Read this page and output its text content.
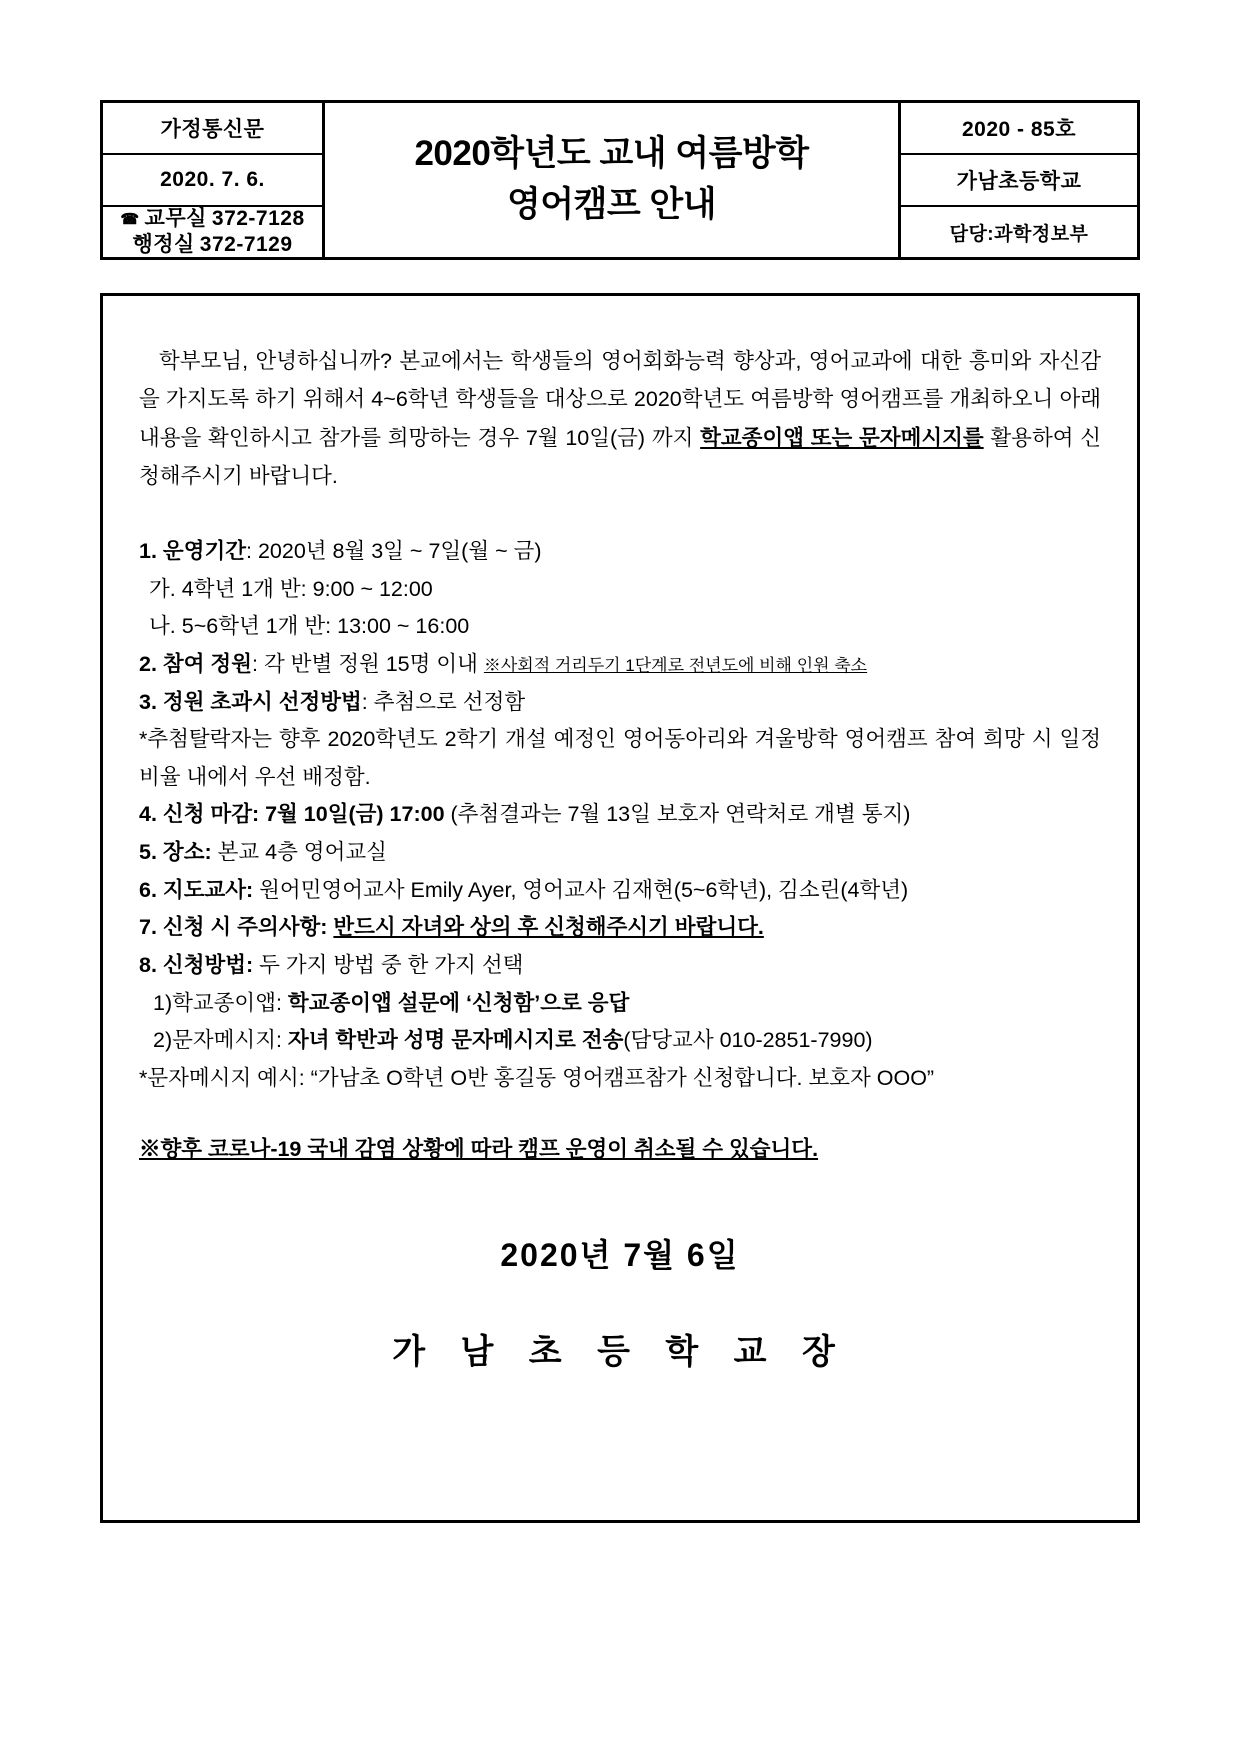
가정통신문
2020. 7. 6.
☎ 교무실 372-7128
행정실 372-7129
2020학년도 교내 여름방학
영어캠프 안내
2020 - 85호
가남초등학교
담당:과학정보부

학부모님, 안녕하십니까? 본교에서는 학생들의 영어회화능력 향상과, 영어교과에 대한 흥미와 자신감을 가지도록 하기 위해서 4~6학년 학생들을 대상으로 2020학년도 여름방학 영어캠프를 개최하오니 아래 내용을 확인하시고 참가를 희망하는 경우 7월 10일(금) 까지 학교종이앱 또는 문자메시지를 활용하여 신청해주시기 바랍니다.

1. 운영기간: 2020년 8월 3일 ~ 7일(월 ~ 금)
가. 4학년 1개 반: 9:00 ~ 12:00
나. 5~6학년 1개 반: 13:00 ~ 16:00
2. 참여 정원: 각 반별 정원 15명 이내 ※사회적 거리두기 1단계로 전년도에 비해 인원 축소
3. 정원 초과시 선정방법: 추첨으로 선정함
*추첨탈락자는 향후 2020학년도 2학기 개설 예정인 영어동아리와 겨울방학 영어캠프 참여 희망 시 일정 비율 내에서 우선 배정함.
4. 신청 마감: 7월 10일(금) 17:00 (추첨결과는 7월 13일 보호자 연락처로 개별 통지)
5. 장소: 본교 4층 영어교실
6. 지도교사: 원어민영어교사 Emily Ayer, 영어교사 김재현(5~6학년), 김소린(4학년)
7. 신청 시 주의사항: 반드시 자녀와 상의 후 신청해주시기 바랍니다.
8. 신청방법: 두 가지 방법 중 한 가지 선택
1)학교종이앱: 학교종이앱 설문에 ‘신청함’으로 응답
2)문자메시지: 자녀 학반과 성명 문자메시지로 전송(담당교사 010-2851-7990)
*문자메시지 예시: “가남초 O학년 O반 홍길동 영어캠프참가 신청합니다. 보호자 OOO”
※향후 코로나-19 국내 감염 상황에 따라 캠프 운영이 취소될 수 있습니다.
2020년 7월 6일
가 남 초 등 학 교 장
